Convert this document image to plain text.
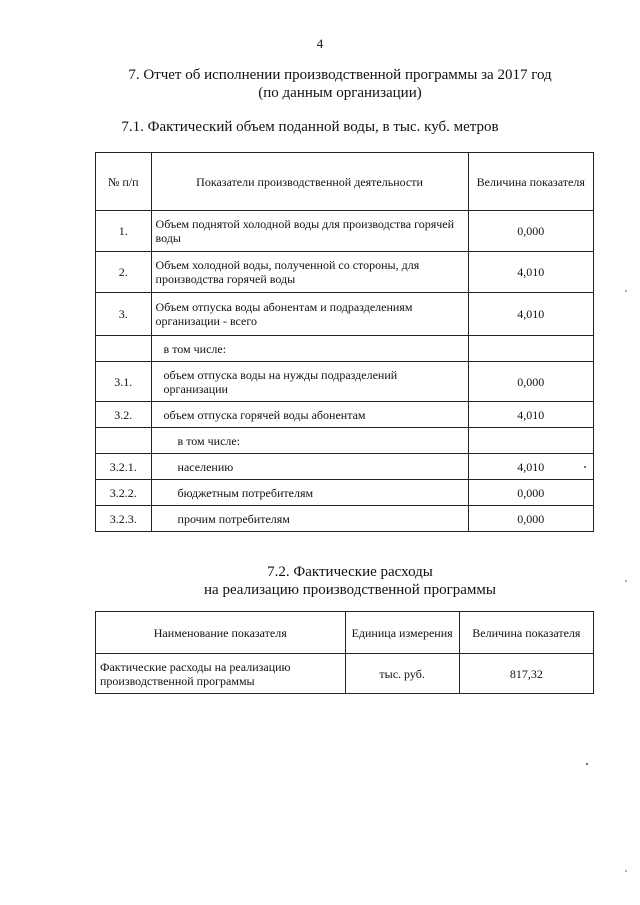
4
7. Отчет об исполнении производственной программы за 2017 год
(по данным организации)
7.1. Фактический объем поданной воды, в тыс. куб. метров
№ п/п	Показатели производственной деятельности	Величина показателя
1.	Объем поднятой холодной воды для производства горячей воды	0,000
2.	Объем холодной воды, полученной со стороны, для производства горячей воды	4,010
3.	Объем отпуска воды абонентам и подразделениям организации - всего	4,010
	в том числе:	
3.1.	объем отпуска воды на нужды подразделений организации	0,000
3.2.	объем отпуска горячей воды абонентам	4,010
	в том числе:	
3.2.1.	населению	4,010
3.2.2.	бюджетным потребителям	0,000
3.2.3.	прочим потребителям	0,000
7.2. Фактические расходы
на реализацию производственной программы
Наименование показателя	Единица измерения	Величина показателя
Фактические расходы на реализацию производственной программы	тыс. руб.	817,32
